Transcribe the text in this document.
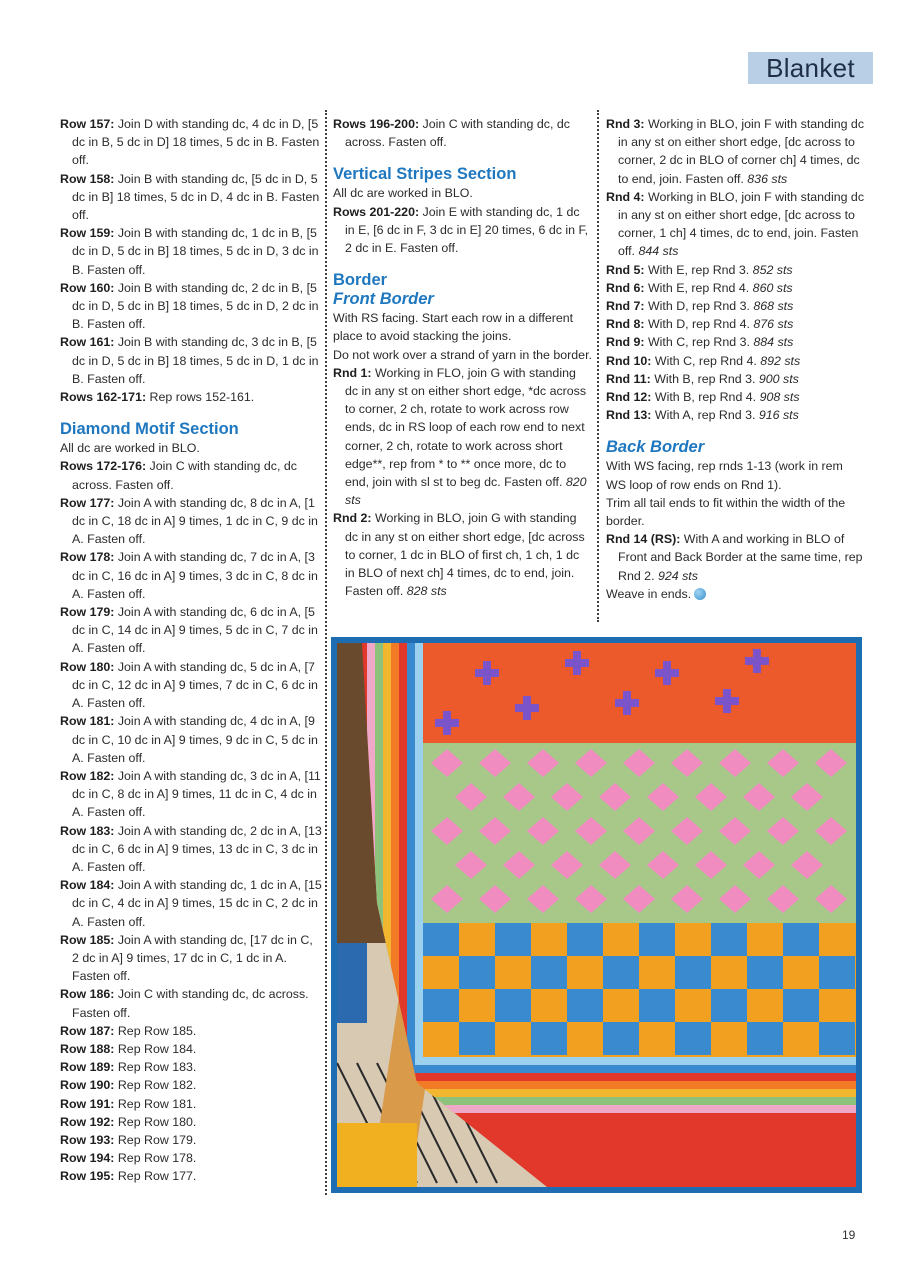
Blanket
Row 157: Join D with standing dc, 4 dc in D, [5 dc in B, 5 dc in D] 18 times, 5 dc in B. Fasten off.
Row 158: Join B with standing dc, [5 dc in D, 5 dc in B] 18 times, 5 dc in D, 4 dc in B. Fasten off.
Row 159: Join B with standing dc, 1 dc in B, [5 dc in D, 5 dc in B] 18 times, 5 dc in D, 3 dc in B. Fasten off.
Row 160: Join B with standing dc, 2 dc in B, [5 dc in D, 5 dc in B] 18 times, 5 dc in D, 2 dc in B. Fasten off.
Row 161: Join B with standing dc, 3 dc in B, [5 dc in D, 5 dc in B] 18 times, 5 dc in D, 1 dc in B. Fasten off.
Rows 162-171: Rep rows 152-161.
Diamond Motif Section
All dc are worked in BLO.
Rows 172-176: Join C with standing dc, dc across. Fasten off.
Row 177: Join A with standing dc, 8 dc in A, [1 dc in C, 18 dc in A] 9 times, 1 dc in C, 9 dc in A. Fasten off.
Row 178: Join A with standing dc, 7 dc in A, [3 dc in C, 16 dc in A] 9 times, 3 dc in C, 8 dc in A. Fasten off.
Row 179: Join A with standing dc, 6 dc in A, [5 dc in C, 14 dc in A] 9 times, 5 dc in C, 7 dc in A. Fasten off.
Row 180: Join A with standing dc, 5 dc in A, [7 dc in C, 12 dc in A] 9 times, 7 dc in C, 6 dc in A. Fasten off.
Row 181: Join A with standing dc, 4 dc in A, [9 dc in C, 10 dc in A] 9 times, 9 dc in C, 5 dc in A. Fasten off.
Row 182: Join A with standing dc, 3 dc in A, [11 dc in C, 8 dc in A] 9 times, 11 dc in C, 4 dc in A. Fasten off.
Row 183: Join A with standing dc, 2 dc in A, [13 dc in C, 6 dc in A] 9 times, 13 dc in C, 3 dc in A. Fasten off.
Row 184: Join A with standing dc, 1 dc in A, [15 dc in C, 4 dc in A] 9 times, 15 dc in C, 2 dc in A. Fasten off.
Row 185: Join A with standing dc, [17 dc in C, 2 dc in A] 9 times, 17 dc in C, 1 dc in A. Fasten off.
Row 186: Join C with standing dc, dc across. Fasten off.
Row 187: Rep Row 185.
Row 188: Rep Row 184.
Row 189: Rep Row 183.
Row 190: Rep Row 182.
Row 191: Rep Row 181.
Row 192: Rep Row 180.
Row 193: Rep Row 179.
Row 194: Rep Row 178.
Row 195: Rep Row 177.
Rows 196-200: Join C with standing dc, dc across. Fasten off.
Vertical Stripes Section
All dc are worked in BLO.
Rows 201-220: Join E with standing dc, 1 dc in E, [6 dc in F, 3 dc in E] 20 times, 6 dc in F, 2 dc in E. Fasten off.
Border
Front Border
With RS facing. Start each row in a different place to avoid stacking the joins.
Do not work over a strand of yarn in the border.
Rnd 1: Working in FLO, join G with standing dc in any st on either short edge, *dc across to corner, 2 ch, rotate to work across row ends, dc in RS loop of each row end to next corner, 2 ch, rotate to work across short edge**, rep from * to ** once more, dc to end, join with sl st to beg dc. Fasten off. 820 sts
Rnd 2: Working in BLO, join G with standing dc in any st on either short edge, [dc across to corner, 1 dc in BLO of first ch, 1 ch, 1 dc in BLO of next ch] 4 times, dc to end, join. Fasten off. 828 sts
Rnd 3: Working in BLO, join F with standing dc in any st on either short edge, [dc across to corner, 2 dc in BLO of corner ch] 4 times, dc to end, join. Fasten off. 836 sts
Rnd 4: Working in BLO, join F with standing dc in any st on either short edge, [dc across to corner, 1 ch] 4 times, dc to end, join. Fasten off. 844 sts
Rnd 5: With E, rep Rnd 3. 852 sts
Rnd 6: With E, rep Rnd 4. 860 sts
Rnd 7: With D, rep Rnd 3. 868 sts
Rnd 8: With D, rep Rnd 4. 876 sts
Rnd 9: With C, rep Rnd 3. 884 sts
Rnd 10: With C, rep Rnd 4. 892 sts
Rnd 11: With B, rep Rnd 3. 900 sts
Rnd 12: With B, rep Rnd 4. 908 sts
Rnd 13: With A, rep Rnd 3. 916 sts
Back Border
With WS facing, rep rnds 1-13 (work in rem WS loop of row ends on Rnd 1).
Trim all tail ends to fit within the width of the border.
Rnd 14 (RS): With A and working in BLO of Front and Back Border at the same time, rep Rnd 2. 924 sts
Weave in ends.
19
